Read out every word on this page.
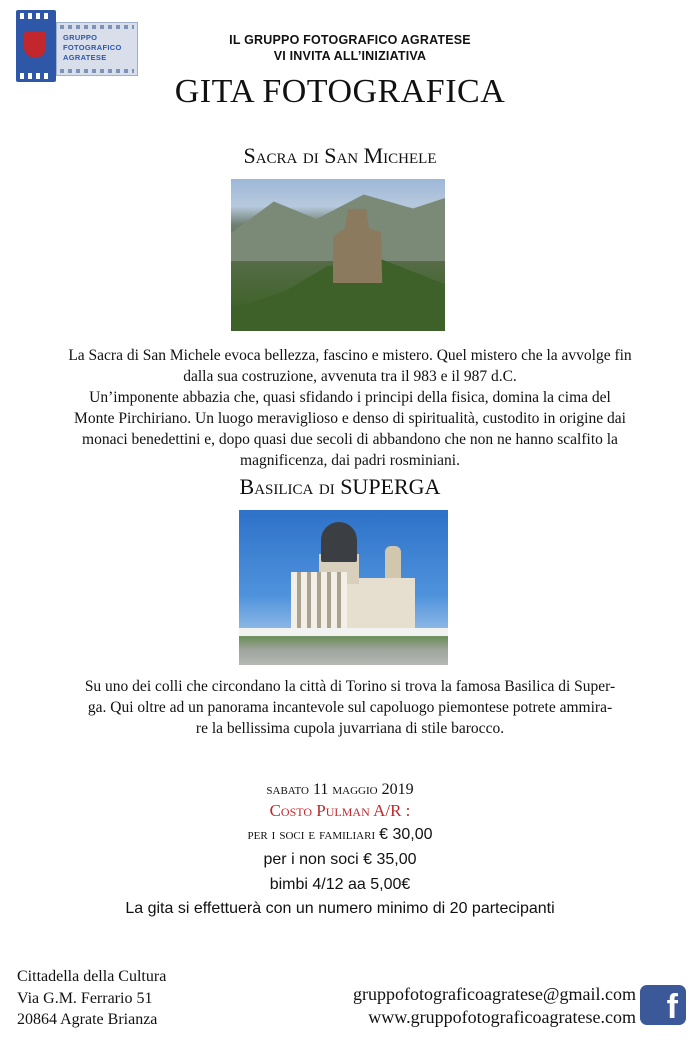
GRUPPO
FOTOGRAFICO
AGRATESE
IL GRUPPO FOTOGRAFICO AGRATESE
VI INVITA ALL’INIZIATIVA
GITA FOTOGRAFICA
Sacra di San Michele
La Sacra di San Michele evoca bellezza, fascino e mistero. Quel mistero che la avvolge fin
dalla sua costruzione, avvenuta tra il 983 e il 987 d.C.
Un’imponente abbazia che, quasi sfidando i principi della fisica, domina la cima del
Monte Pirchiriano. Un luogo meraviglioso e denso di spiritualità, custodito in origine dai
monaci benedettini e, dopo quasi due secoli di abbandono che non ne hanno scalfito la
magnificenza, dai padri rosminiani.
Basilica di SUPERGA
Su uno dei colli che circondano la città di Torino si trova la famosa Basilica di Super-
ga. Qui oltre ad un panorama incantevole sul capoluogo piemontese potrete ammira-
re la bellissima cupola juvarriana di stile barocco.
sabato 11 maggio 2019
Costo Pulman A/R :
per i soci e familiari € 30,00
per i non soci € 35,00
bimbi 4/12 aa 5,00€
La gita si effettuerà con un numero minimo di 20 partecipanti
Cittadella della Cultura
Via G.M. Ferrario 51
20864 Agrate Brianza
gruppofotograficoagratese@gmail.com
www.gruppofotograficoagratese.com f
